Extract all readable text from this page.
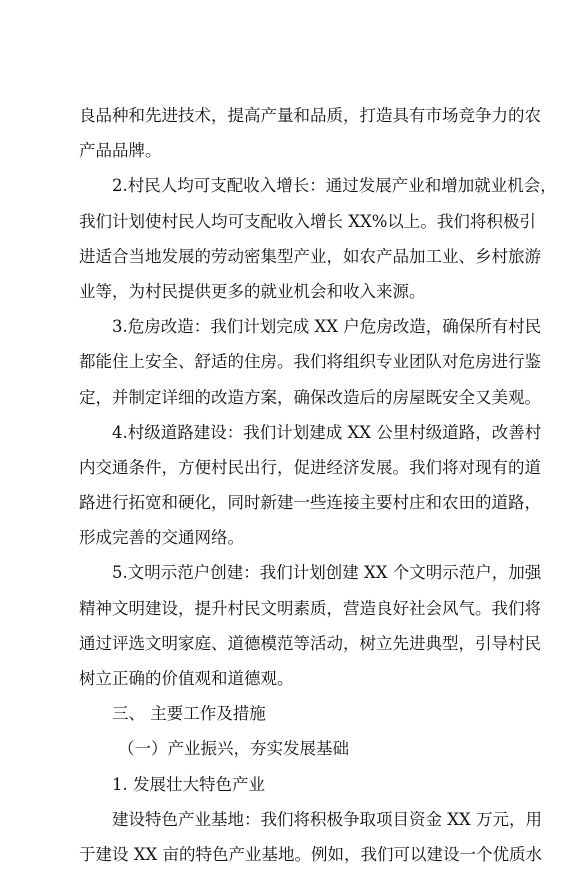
良品种和先进技术，提高产量和品质，打造具有市场竞争力的农
产品品牌。
2.村民人均可支配收入增长：通过发展产业和增加就业机会，
我们计划使村民人均可支配收入增长 XX%以上。我们将积极引
进适合当地发展的劳动密集型产业，如农产品加工业、乡村旅游
业等，为村民提供更多的就业机会和收入来源。
3.危房改造：我们计划完成 XX 户危房改造，确保所有村民
都能住上安全、舒适的住房。我们将组织专业团队对危房进行鉴
定，并制定详细的改造方案，确保改造后的房屋既安全又美观。
4.村级道路建设：我们计划建成 XX 公里村级道路，改善村
内交通条件，方便村民出行，促进经济发展。我们将对现有的道
路进行拓宽和硬化，同时新建一些连接主要村庄和农田的道路，
形成完善的交通网络。
5.文明示范户创建：我们计划创建 XX 个文明示范户，加强
精神文明建设，提升村民文明素质，营造良好社会风气。我们将
通过评选文明家庭、道德模范等活动，树立先进典型，引导村民
树立正确的价值观和道德观。
三、 主要工作及措施
（一）产业振兴，夯实发展基础
1. 发展壮大特色产业
建设特色产业基地：我们将积极争取项目资金 XX 万元，用
于建设 XX 亩的特色产业基地。例如，我们可以建设一个优质水
